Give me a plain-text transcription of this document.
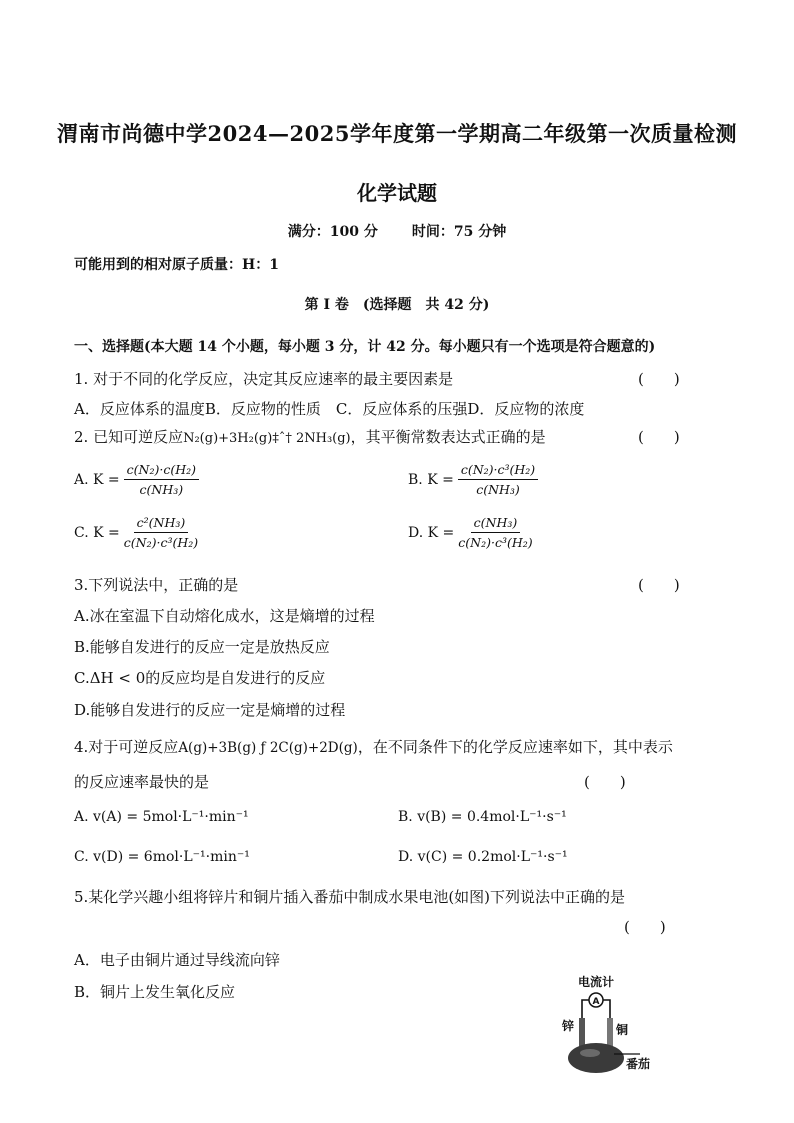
渭南市尚德中学2024—2025学年度第一学期高二年级第一次质量检测
化学试题
满分：100 分 时间：75 分钟
可能用到的相对原子质量：H：1
第 I 卷　(选择题　共 42 分)
一、选择题(本大题 14 个小题，每小题 3 分，计 42 分。每小题只有一个选项是符合题意的)
1. 对于不同的化学反应，决定其反应速率的最主要因素是	(　　)
A．反应体系的温度B．反应物的性质　C．反应体系的压强D．反应物的浓度
2. 已知可逆反应N₂(g)+3H₂(g)‡ˆ† 2NH₃(g)，其平衡常数表达式正确的是	(　　)
A. $K = \frac{\text{c(N₂)·c(H₂)}}{\text{c(NH₃)}}$	B. $K = \frac{\text{c(N₂)·c³(H₂)}}{\text{c(NH₃)}}$
C. $K = \frac{\text{c²(NH₃)}}{\text{c(N₂)·c³(H₂)}}$	D. $K = \frac{\text{c(NH₃)}}{\text{c(N₂)·c³(H₂)}}$
3.下列说法中，正确的是	(　　)
A.冰在室温下自动熔化成水，这是熵增的过程
B.能够自发进行的反应一定是放热反应
C.ΔH < 0的反应均是自发进行的反应
D.能够自发进行的反应一定是熵增的过程
4.对于可逆反应A(g)+3B(g) ƒ 2C(g)+2D(g)，在不同条件下的化学反应速率如下，其中表示
的反应速率最快的是	(　　)
A. v(A) = 5mol·L⁻¹·min⁻¹	B. v(B) = 0.4mol·L⁻¹·s⁻¹
C. v(D) = 6mol·L⁻¹·min⁻¹	D. v(C) = 0.2mol·L⁻¹·s⁻¹
5.某化学兴趣小组将锌片和铜片插入番茄中制成水果电池(如图)下列说法中正确的是
(　　)
A．电子由铜片通过导线流向锌
B．铜片上发生氧化反应
电流计
A
锌	铜
番茄
